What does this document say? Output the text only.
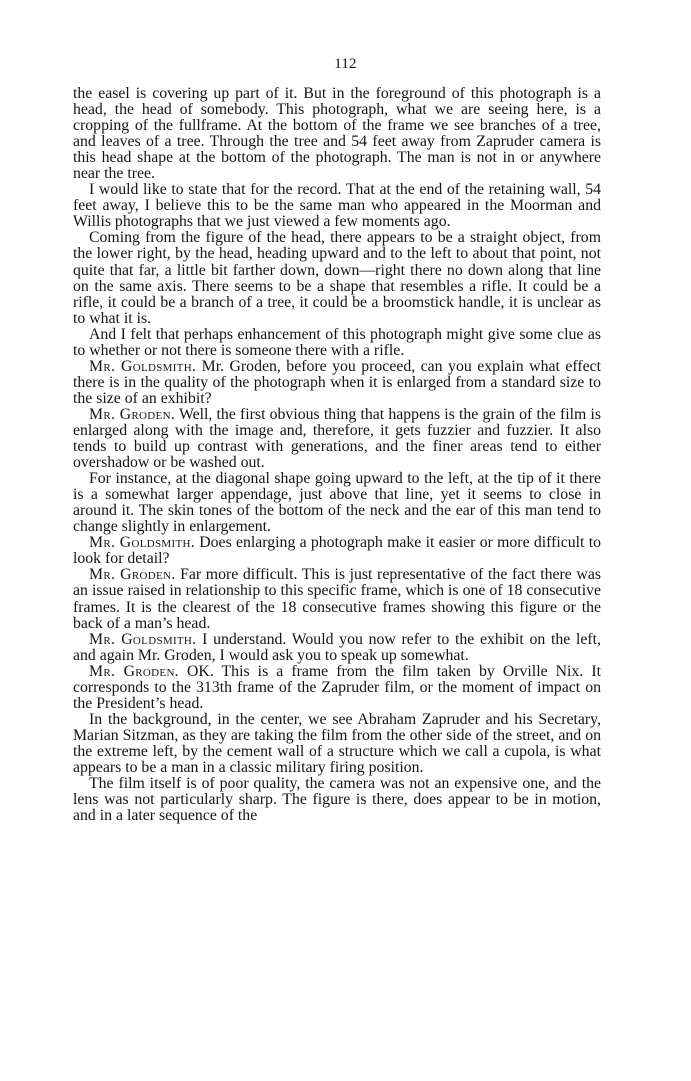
112

the easel is covering up part of it. But in the foreground of this photograph is a head, the head of somebody. This photograph, what we are seeing here, is a cropping of the fullframe. At the bottom of the frame we see branches of a tree, and leaves of a tree. Through the tree and 54 feet away from Zapruder camera is this head shape at the bottom of the photograph. The man is not in or anywhere near the tree.

I would like to state that for the record. That at the end of the retaining wall, 54 feet away, I believe this to be the same man who appeared in the Moorman and Willis photographs that we just viewed a few moments ago.

Coming from the figure of the head, there appears to be a straight object, from the lower right, by the head, heading upward and to the left to about that point, not quite that far, a little bit farther down, down—right there no down along that line on the same axis. There seems to be a shape that resembles a rifle. It could be a rifle, it could be a branch of a tree, it could be a broomstick handle, it is unclear as to what it is.

And I felt that perhaps enhancement of this photograph might give some clue as to whether or not there is someone there with a rifle.

Mr. Goldsmith. Mr. Groden, before you proceed, can you explain what effect there is in the quality of the photograph when it is enlarged from a standard size to the size of an exhibit?

Mr. Groden. Well, the first obvious thing that happens is the grain of the film is enlarged along with the image and, therefore, it gets fuzzier and fuzzier. It also tends to build up contrast with generations, and the finer areas tend to either overshadow or be washed out.

For instance, at the diagonal shape going upward to the left, at the tip of it there is a somewhat larger appendage, just above that line, yet it seems to close in around it. The skin tones of the bottom of the neck and the ear of this man tend to change slightly in enlargement.

Mr. Goldsmith. Does enlarging a photograph make it easier or more difficult to look for detail?

Mr. Groden. Far more difficult. This is just representative of the fact there was an issue raised in relationship to this specific frame, which is one of 18 consecutive frames. It is the clearest of the 18 consecutive frames showing this figure or the back of a man’s head.

Mr. Goldsmith. I understand. Would you now refer to the exhibit on the left, and again Mr. Groden, I would ask you to speak up somewhat.

Mr. Groden. OK. This is a frame from the film taken by Orville Nix. It corresponds to the 313th frame of the Zapruder film, or the moment of impact on the President’s head.

In the background, in the center, we see Abraham Zapruder and his Secretary, Marian Sitzman, as they are taking the film from the other side of the street, and on the extreme left, by the cement wall of a structure which we call a cupola, is what appears to be a man in a classic military firing position.

The film itself is of poor quality, the camera was not an expensive one, and the lens was not particularly sharp. The figure is there, does appear to be in motion, and in a later sequence of the
